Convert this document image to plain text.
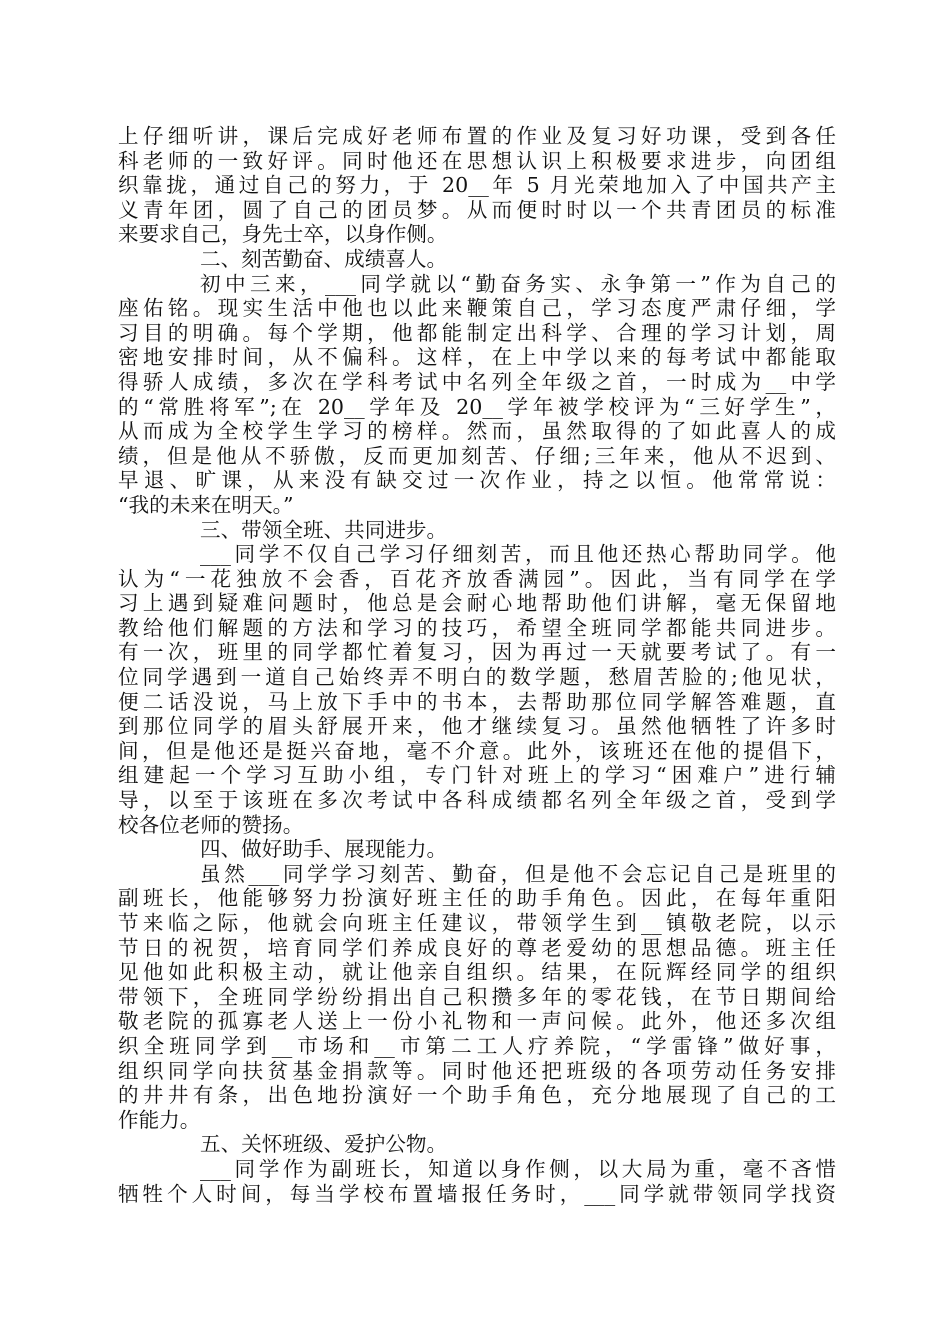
上仔细听讲，课后完成好老师布置的作业及复习好功课，受到各任
科老师的一致好评。同时他还在思想认识上积极要求进步，向团组
织靠拢，通过自己的努力，于 20__年 5 月光荣地加入了中国共产主
义青年团，圆了自己的团员梦。从而便时时以一个共青团员的标准
来要求自己，身先士卒，以身作侧。
二、刻苦勤奋、成绩喜人。
初中三来，___同学就以“勤奋务实、永争第一”作为自己的
座佑铭。现实生活中他也以此来鞭策自己，学习态度严肃仔细，学
习目的明确。每个学期，他都能制定出科学、合理的学习计划，周
密地安排时间，从不偏科。这样，在上中学以来的每考试中都能取
得骄人成绩，多次在学科考试中名列全年级之首，一时成为__中学
的“常胜将军”;在 20__学年及 20__学年被学校评为“三好学生”，
从而成为全校学生学习的榜样。然而，虽然取得的了如此喜人的成
绩，但是他从不骄傲，反而更加刻苦、仔细;三年来，他从不迟到、
早退、旷课，从来没有缺交过一次作业，持之以恒。他常常说：
“我的未来在明天。”
三、带领全班、共同进步。
___同学不仅自己学习仔细刻苦，而且他还热心帮助同学。他
认为“一花独放不会香，百花齐放香满园”。因此，当有同学在学
习上遇到疑难问题时，他总是会耐心地帮助他们讲解，毫无保留地
教给他们解题的方法和学习的技巧，希望全班同学都能共同进步。
有一次，班里的同学都忙着复习，因为再过一天就要考试了。有一
位同学遇到一道自己始终弄不明白的数学题，愁眉苦脸的;他见状，
便二话没说，马上放下手中的书本，去帮助那位同学解答难题，直
到那位同学的眉头舒展开来，他才继续复习。虽然他牺牲了许多时
间，但是他还是挺兴奋地，毫不介意。此外，该班还在他的提倡下，
组建起一个学习互助小组，专门针对班上的学习“困难户”进行辅
导，以至于该班在多次考试中各科成绩都名列全年级之首，受到学
校各位老师的赞扬。
四、做好助手、展现能力。
虽然___同学学习刻苦、勤奋，但是他不会忘记自己是班里的
副班长，他能够努力扮演好班主任的助手角色。因此，在每年重阳
节来临之际，他就会向班主任建议，带领学生到__镇敬老院，以示
节日的祝贺，培育同学们养成良好的尊老爱幼的思想品德。班主任
见他如此积极主动，就让他亲自组织。结果，在阮辉经同学的组织
带领下，全班同学纷纷捐出自己积攒多年的零花钱，在节日期间给
敬老院的孤寡老人送上一份小礼物和一声问候。此外，他还多次组
织全班同学到__市场和__市第二工人疗养院，“学雷锋”做好事，
组织同学向扶贫基金捐款等。同时他还把班级的各项劳动任务安排
的井井有条，出色地扮演好一个助手角色，充分地展现了自己的工
作能力。
五、关怀班级、爱护公物。
___同学作为副班长，知道以身作侧，以大局为重，毫不吝惜
牺牲个人时间，每当学校布置墙报任务时，___同学就带领同学找资
